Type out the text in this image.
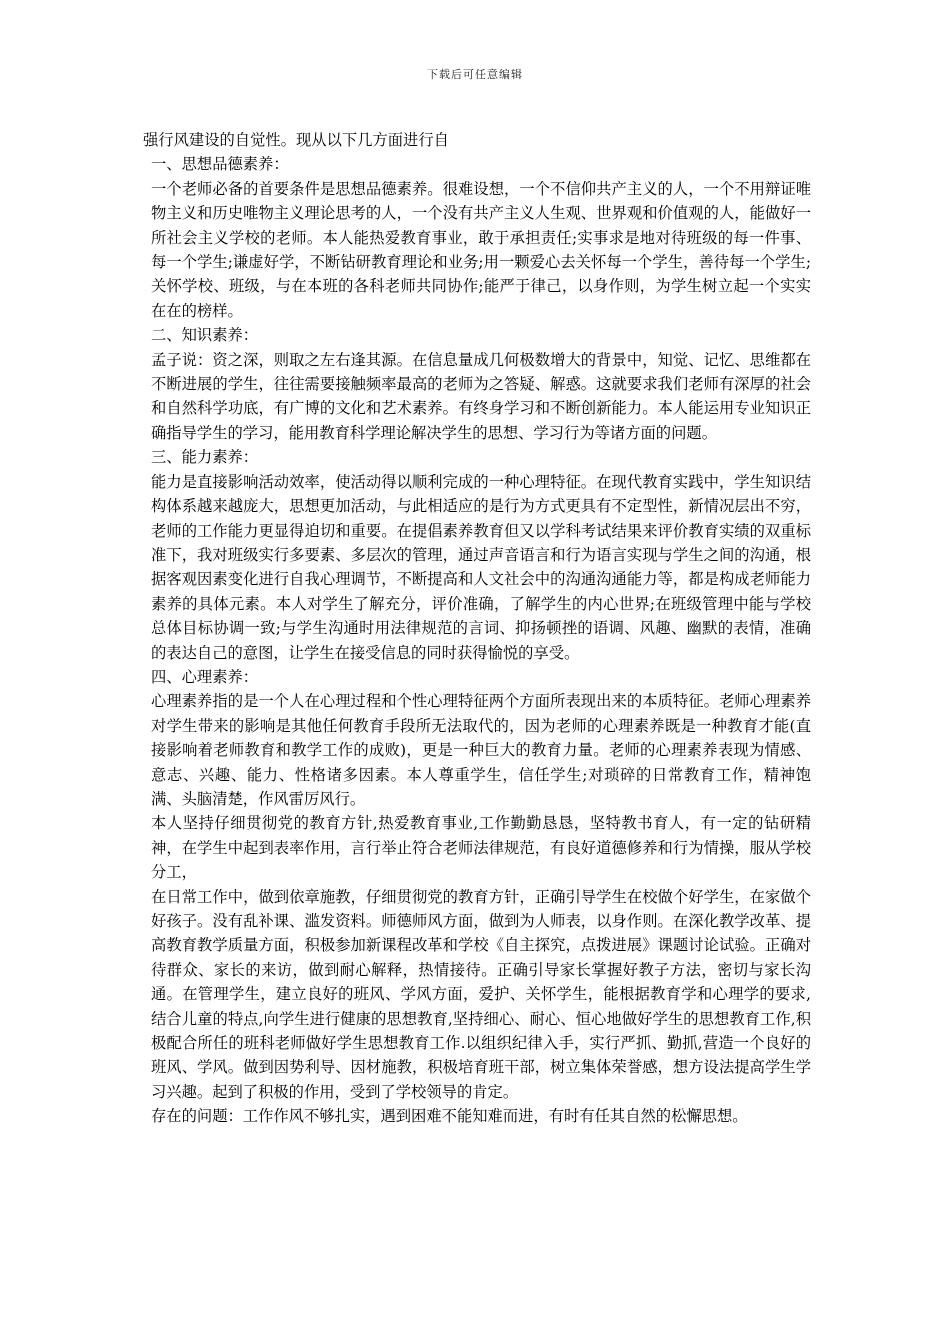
下载后可任意编辑

强行风建设的自觉性。现从以下几方面进行自

一、思想品德素养：

一个老师必备的首要条件是思想品德素养。很难设想，一个不信仰共产主义的人，一个不用辩证唯物主义和历史唯物主义理论思考的人，一个没有共产主义人生观、世界观和价值观的人，能做好一所社会主义学校的老师。本人能热爱教育事业，敢于承担责任;实事求是地对待班级的每一件事、每一个学生;谦虚好学，不断钻研教育理论和业务;用一颗爱心去关怀每一个学生，善待每一个学生;关怀学校、班级，与在本班的各科老师共同协作;能严于律己，以身作则，为学生树立起一个实实在在的榜样。

二、知识素养：

孟子说：资之深，则取之左右逢其源。在信息量成几何极数增大的背景中，知觉、记忆、思维都在不断进展的学生，往往需要接触频率最高的老师为之答疑、解惑。这就要求我们老师有深厚的社会和自然科学功底，有广博的文化和艺术素养。有终身学习和不断创新能力。本人能运用专业知识正确指导学生的学习，能用教育科学理论解决学生的思想、学习行为等诸方面的问题。

三、能力素养：

能力是直接影响活动效率，使活动得以顺利完成的一种心理特征。在现代教育实践中，学生知识结构体系越来越庞大，思想更加活动，与此相适应的是行为方式更具有不定型性，新情况层出不穷，老师的工作能力更显得迫切和重要。在提倡素养教育但又以学科考试结果来评价教育实绩的双重标准下，我对班级实行多要素、多层次的管理，通过声音语言和行为语言实现与学生之间的沟通，根据客观因素变化进行自我心理调节，不断提高和人文社会中的沟通沟通能力等，都是构成老师能力素养的具体元素。本人对学生了解充分，评价准确，了解学生的内心世界;在班级管理中能与学校总体目标协调一致;与学生沟通时用法律规范的言词、抑扬顿挫的语调、风趣、幽默的表情，准确的表达自己的意图，让学生在接受信息的同时获得愉悦的享受。

四、心理素养：

心理素养指的是一个人在心理过程和个性心理特征两个方面所表现出来的本质特征。老师心理素养对学生带来的影响是其他任何教育手段所无法取代的，因为老师的心理素养既是一种教育才能(直接影响着老师教育和教学工作的成败)，更是一种巨大的教育力量。老师的心理素养表现为情感、意志、兴趣、能力、性格诸多因素。本人尊重学生，信任学生;对琐碎的日常教育工作，精神饱满、头脑清楚，作风雷厉风行。

本人坚持仔细贯彻党的教育方针,热爱教育事业,工作勤勤恳恳，坚特教书育人，有一定的钻研精神，在学生中起到表率作用，言行举止符合老师法律规范，有良好道德修养和行为情操，服从学校分工，

在日常工作中，做到依章施教，仔细贯彻党的教育方针，正确引导学生在校做个好学生，在家做个好孩子。没有乱补课、滥发资料。师德师风方面，做到为人师表，以身作则。在深化教学改革、提高教育教学质量方面，积极参加新课程改革和学校《自主探究，点拨进展》课题讨论试验。正确对待群众、家长的来访，做到耐心解释，热情接待。正确引导家长掌握好教子方法，密切与家长沟通。在管理学生，建立良好的班风、学风方面，爱护、关怀学生，能根据教育学和心理学的要求,结合儿童的特点,向学生进行健康的思想教育,坚持细心、耐心、恒心地做好学生的思想教育工作,积极配合所任的班科老师做好学生思想教育工作.以组织纪律入手，实行严抓、勤抓,营造一个良好的班风、学风。做到因势利导、因材施教，积极培育班干部，树立集体荣誉感，想方设法提高学生学习兴趣。起到了积极的作用，受到了学校领导的肯定。

存在的问题：工作作风不够扎实，遇到困难不能知难而进，有时有任其自然的松懈思想。
